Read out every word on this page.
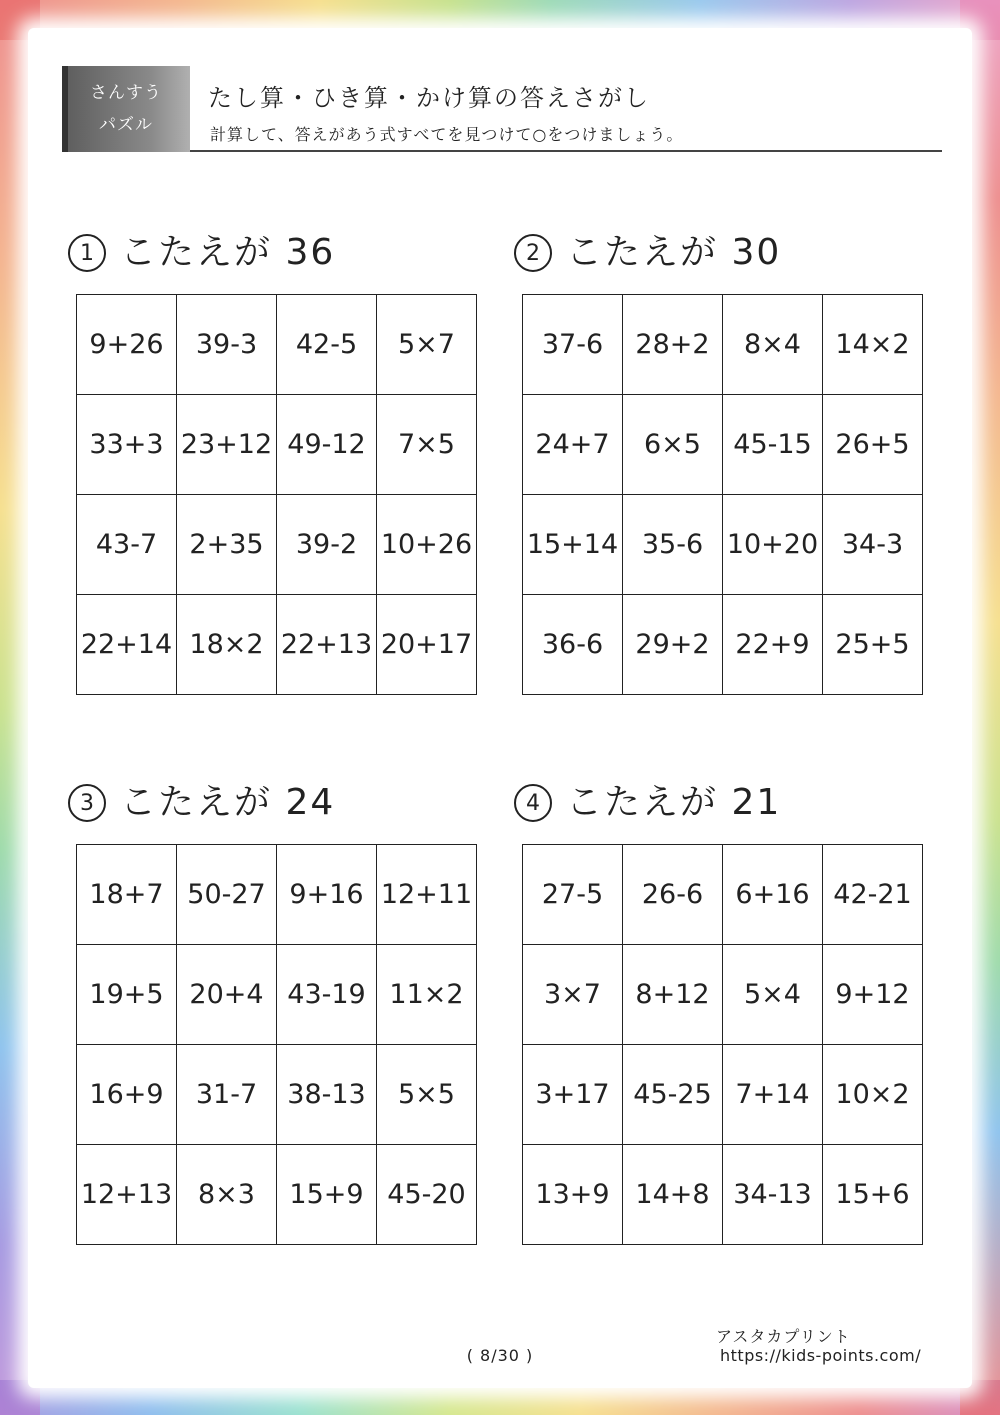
さんすう
パズル
たし算・ひき算・かけ算の答えさがし
計算して、答えがあう式すべてを見つけて○をつけましょう。
1 こたえが 36
9+26	39-3	42-5	5×7
33+3 23+12 49-12	7×5
43-7	2+35	39-2 10+26
22+14 18×2 22+13 20+17
2 こたえが 30
37-6	28+2	8×4	14×2
24+7	6×5	45-15 26+5
15+14 35-6 10+20 34-3
36-6	29+2 22+9 25+5
3 こたえが 24
18+7 50-27 9+16 12+11
19+5 20+4 43-19 11×2
16+9	31-7	38-13	5×5
12+13 8×3	15+9 45-20
4 こたえが 21
27-5	26-6	6+16 42-21
3×7	8+12	5×4	9+12
3+17 45-25 7+14 10×2
13+9 14+8 34-13 15+6
アスタカプリント
https://kids-points.com/
( 8/30 )
